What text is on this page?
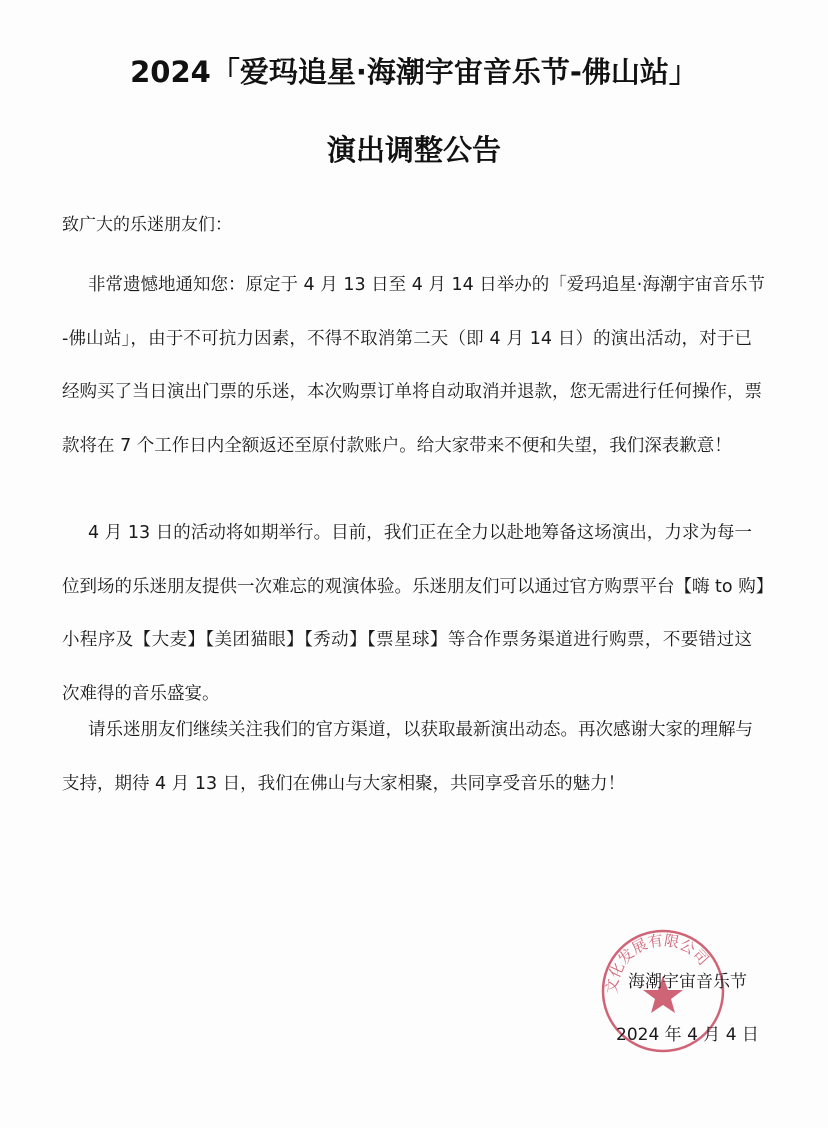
2024「爱玛追星·海潮宇宙音乐节-佛山站」
演出调整公告
致广大的乐迷朋友们：
非常遗憾地通知您：原定于 4 月 13 日至 4 月 14 日举办的「爱玛追星·海潮宇宙音乐节
-佛山站」，由于不可抗力因素，不得不取消第二天（即 4 月 14 日）的演出活动，对于已
经购买了当日演出门票的乐迷，本次购票订单将自动取消并退款，您无需进行任何操作，票
款将在 7 个工作日内全额返还至原付款账户。给大家带来不便和失望，我们深表歉意！
4 月 13 日的活动将如期举行。目前，我们正在全力以赴地筹备这场演出，力求为每一
位到场的乐迷朋友提供一次难忘的观演体验。乐迷朋友们可以通过官方购票平台【嗨 to 购】
小程序及【大麦】【美团猫眼】【秀动】【票星球】等合作票务渠道进行购票，不要错过这
次难得的音乐盛宴。
请乐迷朋友们继续关注我们的官方渠道，以获取最新演出动态。再次感谢大家的理解与
支持，期待 4 月 13 日，我们在佛山与大家相聚，共同享受音乐的魅力！
文化发展有限公司
海潮宇宙音乐节
2024 年 4 月 4 日
